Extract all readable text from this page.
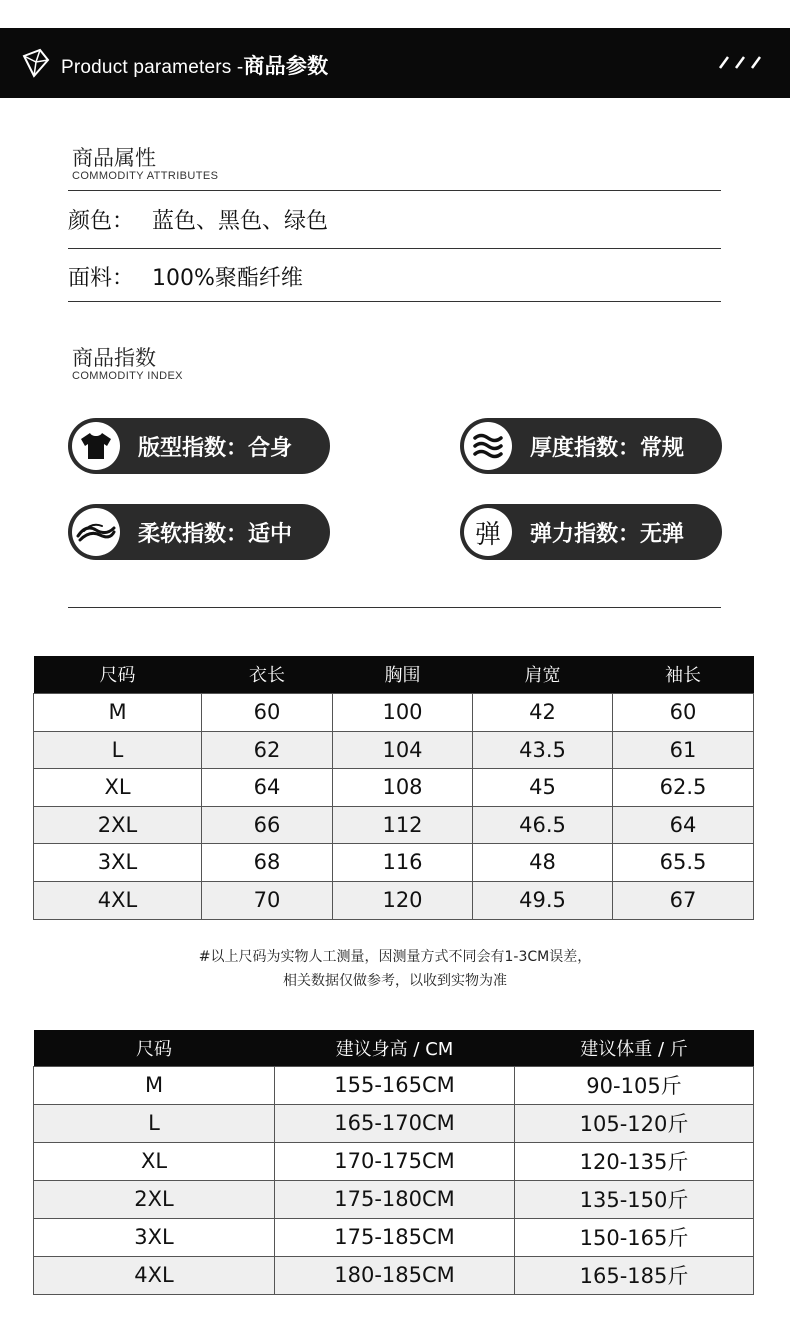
Product parameters -商品参数
商品属性
COMMODITY ATTRIBUTES
颜色： 蓝色、黑色、绿色
面料： 100%聚酯纤维
商品指数
COMMODITY INDEX
版型指数：合身	厚度指数：常规
柔软指数：适中	弹	弹力指数：无弹
尺码	衣长	胸围	肩宽	袖长
M	60	100	42	60
L	62	104	43.5	61
XL	64	108	45	62.5
2XL	66	112	46.5	64
3XL	68	116	48	65.5
4XL	70	120	49.5	67
#以上尺码为实物人工测量，因测量方式不同会有1-3CM误差，
相关数据仅做参考，以收到实物为准
尺码	建议身高 / CM	建议体重 / 斤
M	155-165CM	90-105斤
L	165-170CM	105-120斤
XL	170-175CM	120-135斤
2XL	175-180CM	135-150斤
3XL	175-185CM	150-165斤
4XL	180-185CM	165-185斤
